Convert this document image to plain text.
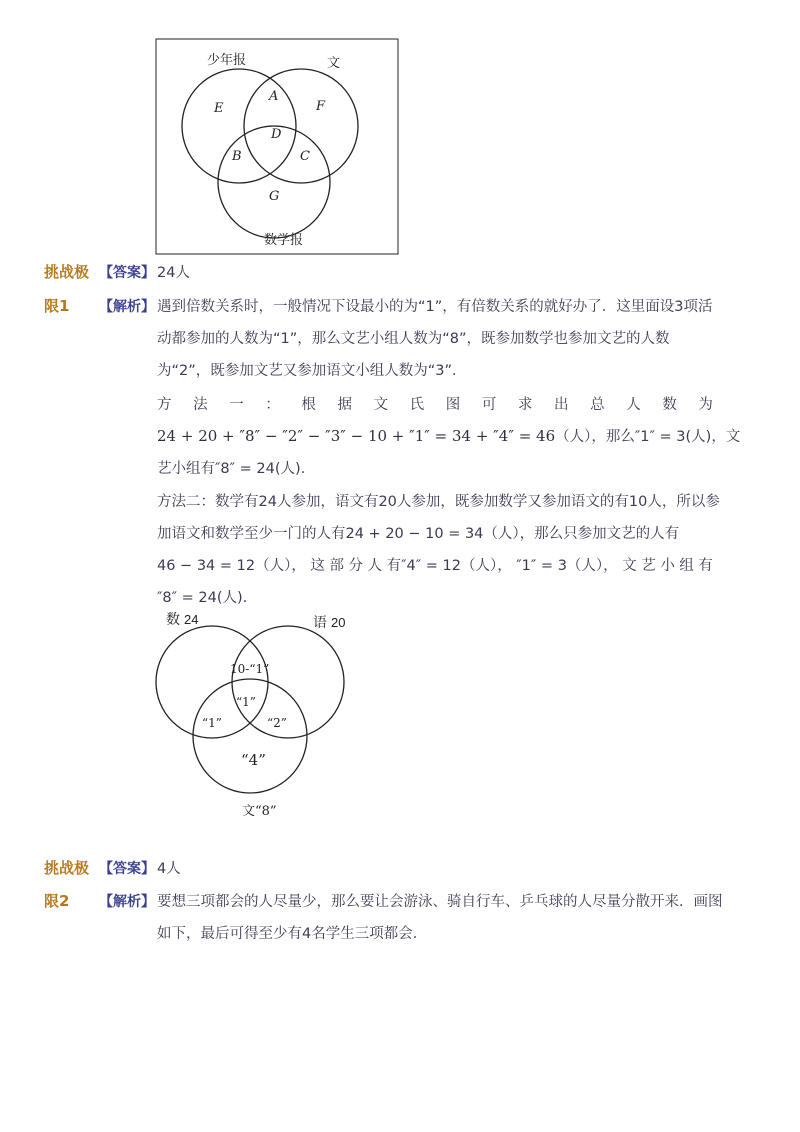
少年报	文
数学报
E
A
F
D
B	C
G
挑战极 【答案】 24人
限1 【解析】 遇到倍数关系时，一般情况下设最小的为“1”，有倍数关系的就好办了．这里面设3项活
动都参加的人数为“1”，那么文艺小组人数为“8”，既参加数学也参加文艺的人数
为“2”，既参加文艺又参加语文小组人数为“3”．
方 法 一 ： 根 据 文 氏 图 可 求 出 总 人 数 为
24 + 20 + ″8″ − ″2″ − ″3″ − 10 + ″1″ = 34 + ″4″ = 46（人），那么″1″ = 3(人)，文
艺小组有″8″ = 24(人)．
方法二：数学有24人参加，语文有20人参加，既参加数学又参加语文的有10人，所以参
加语文和数学至少一门的人有24 + 20 − 10 = 34（人），那么只参加文艺的人有
46 − 34 = 12（人）， 这 部 分 人 有″4″ = 12（人）， ″1″ = 3（人）， 文 艺 小 组 有
″8″ = 24(人)．
数 24	语 20
10-“1”
“1”
“1”	“2”
“4”
文“8”
挑战极 【答案】 4人
限2 【解析】 要想三项都会的人尽量少，那么要让会游泳、骑自行车、乒乓球的人尽量分散开来．画图
如下，最后可得至少有4名学生三项都会．
